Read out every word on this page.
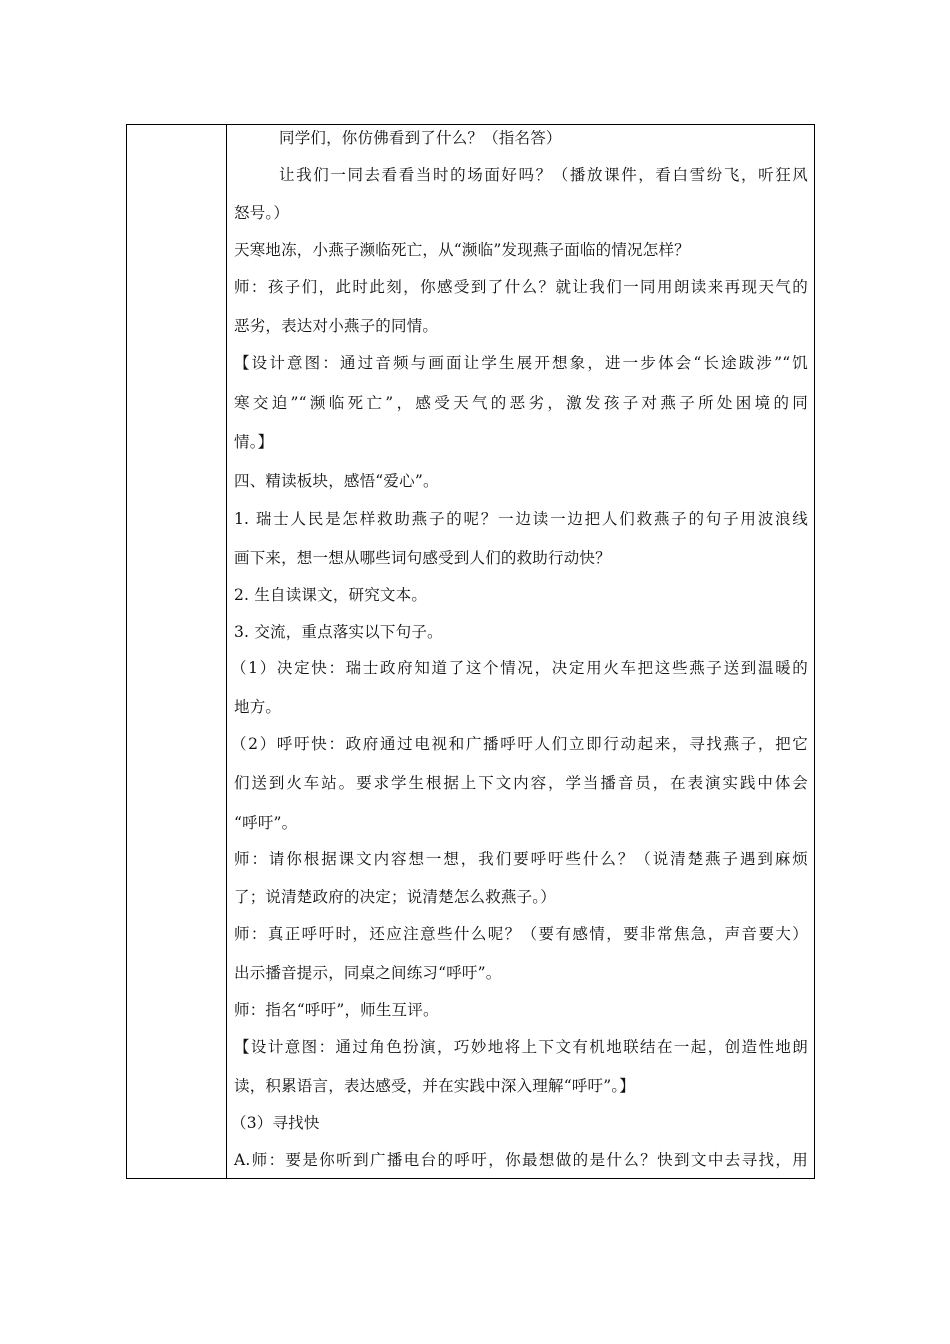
同学们，你仿佛看到了什么？（指名答）
让我们一同去看看当时的场面好吗？（播放课件，看白雪纷飞，听狂风
怒号。）
天寒地冻，小燕子濒临死亡，从“濒临”发现燕子面临的情况怎样？
师：孩子们，此时此刻，你感受到了什么？就让我们一同用朗读来再现天气的
恶劣，表达对小燕子的同情。
【设计意图：通过音频与画面让学生展开想象，进一步体会“长途跋涉”“饥
寒交迫”“濒临死亡”，感受天气的恶劣，激发孩子对燕子所处困境的同
情。】
四、精读板块，感悟“爱心”。
1. 瑞士人民是怎样救助燕子的呢？一边读一边把人们救燕子的句子用波浪线
画下来，想一想从哪些词句感受到人们的救助行动快？
2. 生自读课文，研究文本。
3. 交流，重点落实以下句子。
（1）决定快：瑞士政府知道了这个情况，决定用火车把这些燕子送到温暖的
地方。
（2）呼吁快：政府通过电视和广播呼吁人们立即行动起来，寻找燕子，把它
们送到火车站。要求学生根据上下文内容，学当播音员，在表演实践中体会
“呼吁”。
师：请你根据课文内容想一想，我们要呼吁些什么？（说清楚燕子遇到麻烦
了；说清楚政府的决定；说清楚怎么救燕子。）
师：真正呼吁时，还应注意些什么呢？（要有感情，要非常焦急，声音要大）
出示播音提示，同桌之间练习“呼吁”。
师：指名“呼吁”，师生互评。
【设计意图：通过角色扮演，巧妙地将上下文有机地联结在一起，创造性地朗
读，积累语言，表达感受，并在实践中深入理解“呼吁”。】
（3）寻找快
A.师：要是你听到广播电台的呼吁，你最想做的是什么？快到文中去寻找，用
